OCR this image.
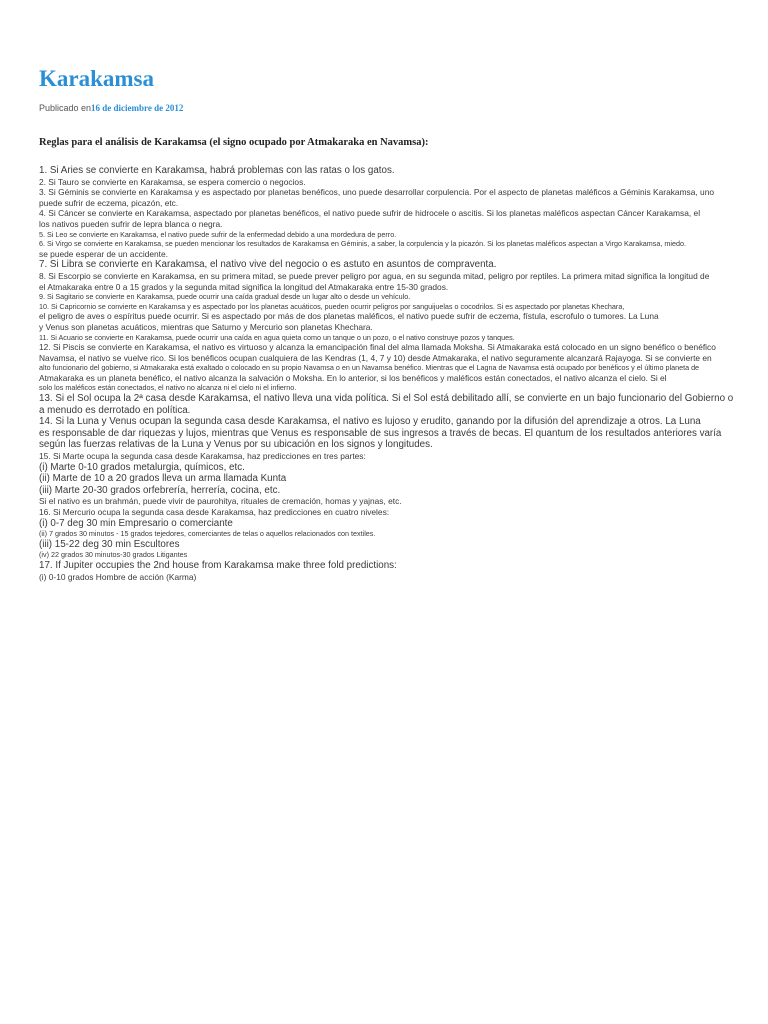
Karakamsa
Publicado en16 de diciembre de 2012
Reglas para el análisis de Karakamsa (el signo ocupado por Atmakaraka en Navamsa):
1. Si Aries se convierte en Karakamsa, habrá problemas con las ratas o los gatos.
2. Si Tauro se convierte en Karakamsa, se espera comercio o negocios.
3. Si Géminis se convierte en Karakamsa y es aspectado por planetas benéficos, uno puede desarrollar corpulencia. Por el aspecto de planetas maléficos a Géminis Karakamsa, uno
puede sufrir de eczema, picazón, etc.
4. Si Cáncer se convierte en Karakamsa, aspectado por planetas benéficos, el nativo puede sufrir de hidrocele o ascitis. Si los planetas maléficos aspectan Cáncer Karakamsa, el
los nativos pueden sufrir de lepra blanca o negra.
5. Si Leo se convierte en Karakamsa, el nativo puede sufrir de la enfermedad debido a una mordedura de perro.
6. Si Virgo se convierte en Karakamsa, se pueden mencionar los resultados de Karakamsa en Géminis, a saber, la corpulencia y la picazón. Si los planetas maléficos aspectan a Virgo Karakamsa, miedo.
se puede esperar de un accidente.
7. Si Libra se convierte en Karakamsa, el nativo vive del negocio o es astuto en asuntos de compraventa.
8. Si Escorpio se convierte en Karakamsa, en su primera mitad, se puede prever peligro por agua, en su segunda mitad, peligro por reptiles. La primera mitad significa la longitud de
el Atmakaraka entre 0 a 15 grados y la segunda mitad significa la longitud del Atmakaraka entre 15-30 grados.
9. Si Sagitario se convierte en Karakamsa, puede ocurrir una caída gradual desde un lugar alto o desde un vehículo.
10. Si Capricornio se convierte en Karakamsa y es aspectado por los planetas acuáticos, pueden ocurrir peligros por sanguijuelas o cocodrilos. Si es aspectado por planetas Khechara,
el peligro de aves o espíritus puede ocurrir. Si es aspectado por más de dos planetas maléficos, el nativo puede sufrir de eczema, fístula, escrofulo o tumores. La Luna
y Venus son planetas acuáticos, mientras que Saturno y Mercurio son planetas Khechara.
11. Si Acuario se convierte en Karakamsa, puede ocurrir una caída en agua quieta como un tanque o un pozo, o el nativo construye pozos y tanques.
12. Si Piscis se convierte en Karakamsa, el nativo es virtuoso y alcanza la emancipación final del alma llamada Moksha. Si Atmakaraka está colocado en un signo benéfico o benéfico
Navamsa, el nativo se vuelve rico. Si los benéficos ocupan cualquiera de las Kendras (1, 4, 7 y 10) desde Atmakaraka, el nativo seguramente alcanzará Rajayoga. Si se convierte en
alto funcionario del gobierno, si Atmakaraka está exaltado o colocado en su propio Navamsa o en un Navamsa benéfico. Mientras que el Lagna de Navamsa está ocupado por benéficos y el último planeta de
Atmakaraka es un planeta benéfico, el nativo alcanza la salvación o Moksha. En lo anterior, si los benéficos y maléficos están conectados, el nativo alcanza el cielo. Si el
solo los maléficos están conectados, el nativo no alcanza ni el cielo ni el infierno.
13. Si el Sol ocupa la 2ª casa desde Karakamsa, el nativo lleva una vida política. Si el Sol está debilitado allí, se convierte en un bajo funcionario del Gobierno o
a menudo es derrotado en política.
14. Si la Luna y Venus ocupan la segunda casa desde Karakamsa, el nativo es lujoso y erudito, ganando por la difusión del aprendizaje a otros. La Luna
es responsable de dar riquezas y lujos, mientras que Venus es responsable de sus ingresos a través de becas. El quantum de los resultados anteriores varía
según las fuerzas relativas de la Luna y Venus por su ubicación en los signos y longitudes.
15. Si Marte ocupa la segunda casa desde Karakamsa, haz predicciones en tres partes:
(i) Marte 0-10 grados metalurgia, químicos, etc.
(ii) Marte de 10 a 20 grados lleva un arma llamada Kunta
(iii) Marte 20-30 grados orfebrería, herrería, cocina, etc.
Si el nativo es un brahmán, puede vivir de paurohitya, rituales de cremación, homas y yajnas, etc.
16. Si Mercurio ocupa la segunda casa desde Karakamsa, haz predicciones en cuatro niveles:
(i) 0-7 deg 30 min Empresario o comerciante
(ii) 7 grados 30 minutos - 15 grados tejedores, comerciantes de telas o aquellos relacionados con textiles.
(iii) 15-22 deg 30 min Escultores
(iv) 22 grados 30 minutos-30 grados Litigantes
17. If Jupiter occupies the 2nd house from Karakamsa make three fold predictions:
(i) 0-10 grados Hombre de acción (Karma)
